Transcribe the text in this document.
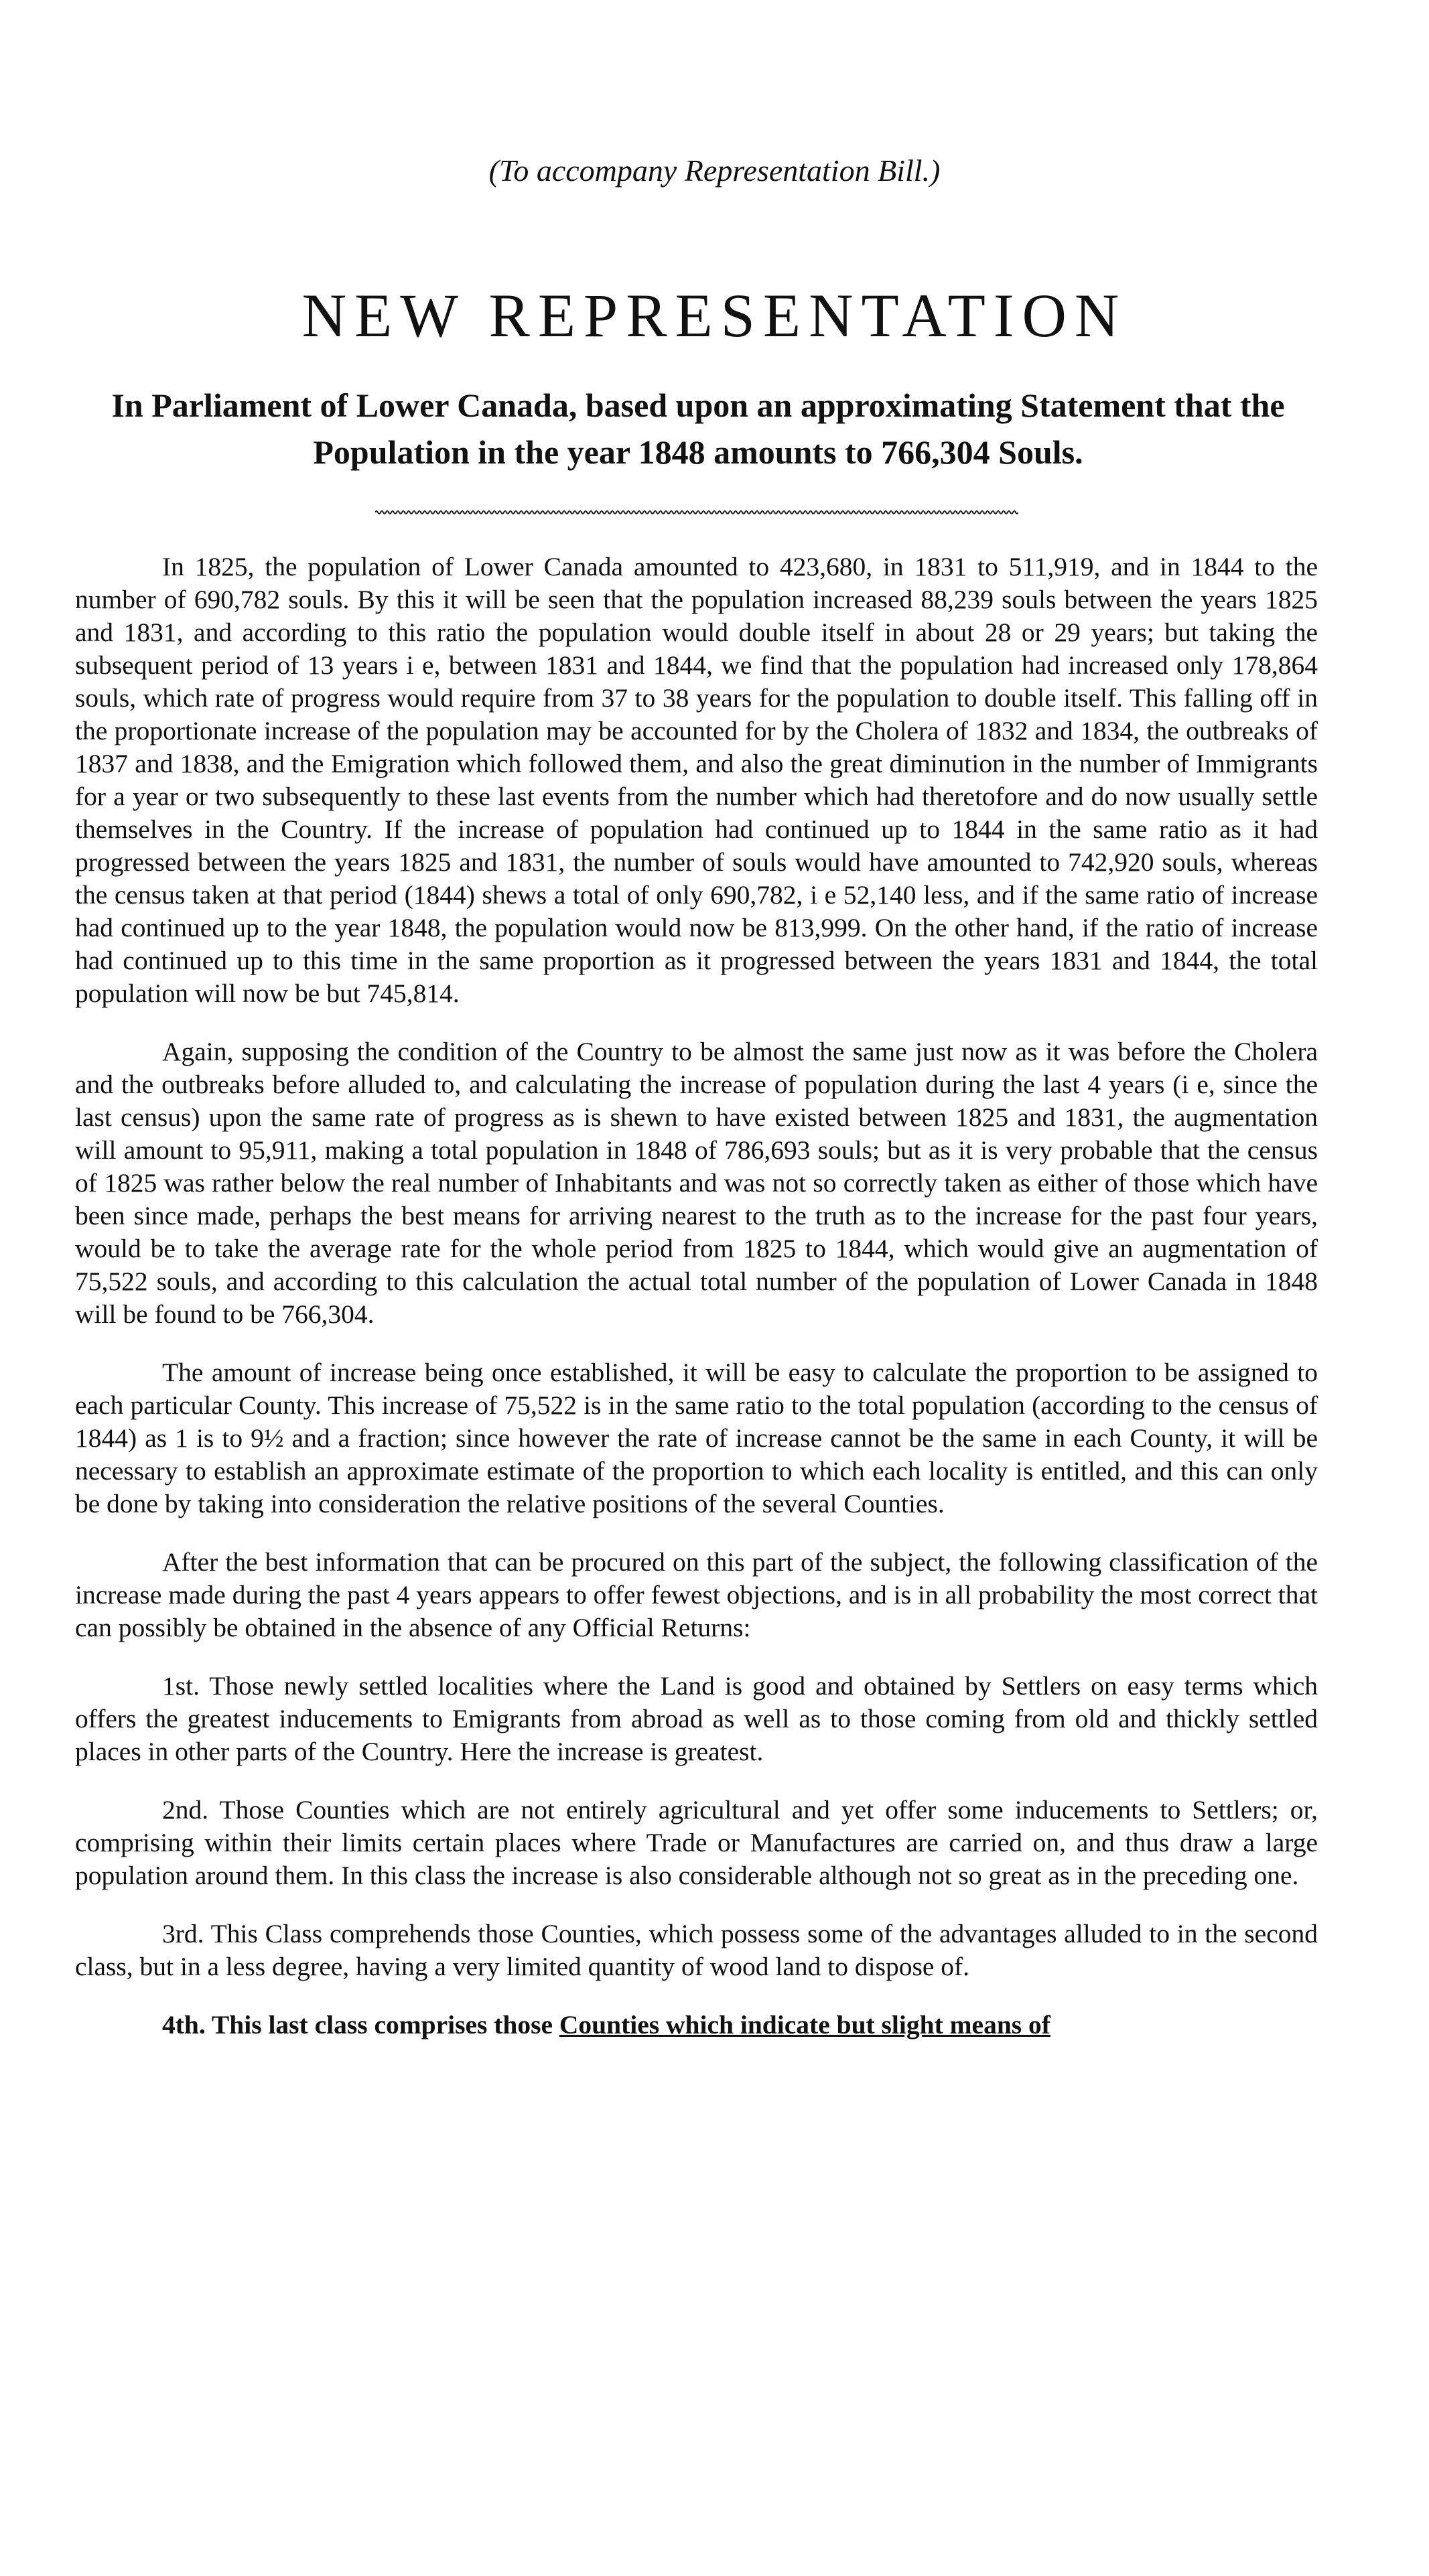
(To accompany Representation Bill.)
NEW REPRESENTATION
In Parliament of Lower Canada, based upon an approximating Statement that the Population in the year 1848 amounts to 766,304 Souls.

In 1825, the population of Lower Canada amounted to 423,680, in 1831 to 511,919, and in 1844 to the number of 690,782 souls. By this it will be seen that the population increased 88,239 souls between the years 1825 and 1831, and according to this ratio the population would double itself in about 28 or 29 years; but taking the subsequent period of 13 years i e, between 1831 and 1844, we find that the population had increased only 178,864 souls, which rate of progress would require from 37 to 38 years for the population to double itself. This falling off in the proportionate increase of the population may be accounted for by the Cholera of 1832 and 1834, the outbreaks of 1837 and 1838, and the Emigration which followed them, and also the great diminution in the number of Immigrants for a year or two subsequently to these last events from the number which had theretofore and do now usually settle themselves in the Country. If the increase of population had continued up to 1844 in the same ratio as it had progressed between the years 1825 and 1831, the number of souls would have amounted to 742,920 souls, whereas the census taken at that period (1844) shews a total of only 690,782, i e 52,140 less, and if the same ratio of increase had continued up to the year 1848, the population would now be 813,999. On the other hand, if the ratio of increase had continued up to this time in the same proportion as it progressed between the years 1831 and 1844, the total population will now be but 745,814.

Again, supposing the condition of the Country to be almost the same just now as it was before the Cholera and the outbreaks before alluded to, and calculating the increase of population during the last 4 years (i e, since the last census) upon the same rate of progress as is shewn to have existed between 1825 and 1831, the augmentation will amount to 95,911, making a total population in 1848 of 786,693 souls; but as it is very probable that the census of 1825 was rather below the real number of Inhabitants and was not so correctly taken as either of those which have been since made, perhaps the best means for arriving nearest to the truth as to the increase for the past four years, would be to take the average rate for the whole period from 1825 to 1844, which would give an augmentation of 75,522 souls, and according to this calculation the actual total number of the population of Lower Canada in 1848 will be found to be 766,304.

The amount of increase being once established, it will be easy to calculate the proportion to be assigned to each particular County. This increase of 75,522 is in the same ratio to the total population (according to the census of 1844) as 1 is to 9½ and a fraction; since however the rate of increase cannot be the same in each County, it will be necessary to establish an approximate estimate of the proportion to which each locality is entitled, and this can only be done by taking into consideration the relative positions of the several Counties.

After the best information that can be procured on this part of the subject, the following classification of the increase made during the past 4 years appears to offer fewest objections, and is in all probability the most correct that can possibly be obtained in the absence of any Official Returns:

1st. Those newly settled localities where the Land is good and obtained by Settlers on easy terms which offers the greatest inducements to Emigrants from abroad as well as to those coming from old and thickly settled places in other parts of the Country. Here the increase is greatest.

2nd. Those Counties which are not entirely agricultural and yet offer some inducements to Settlers; or, comprising within their limits certain places where Trade or Manufactures are carried on, and thus draw a large population around them. In this class the increase is also considerable although not so great as in the preceding one.

3rd. This Class comprehends those Counties, which possess some of the advantages alluded to in the second class, but in a less degree, having a very limited quantity of wood land to dispose of.

4th. This last class comprises those Counties which indicate but slight means of
